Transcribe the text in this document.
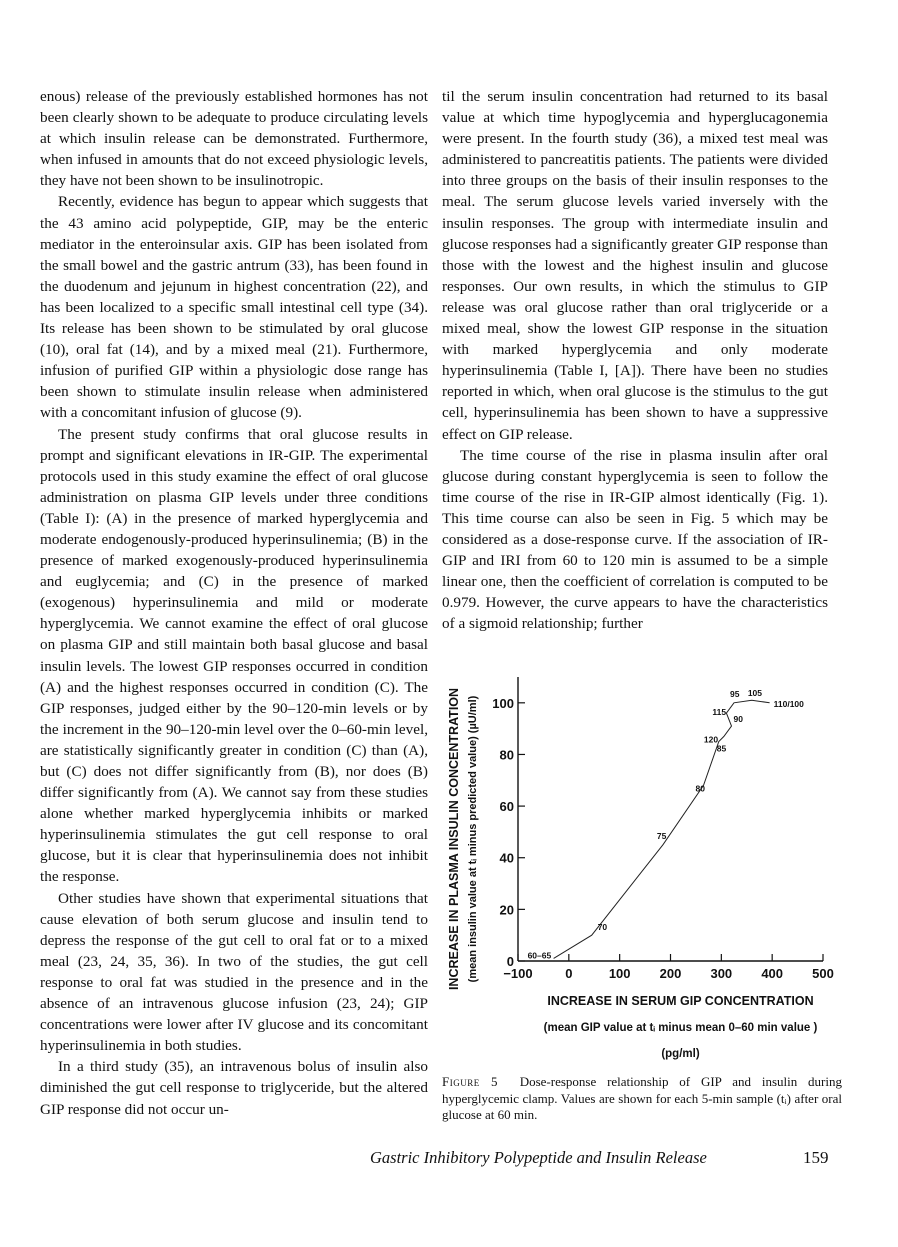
enous) release of the previously established hormones has not been clearly shown to be adequate to produce circulating levels at which insulin release can be demonstrated. Furthermore, when infused in amounts that do not exceed physiologic levels, they have not been shown to be insulinotropic.

Recently, evidence has begun to appear which suggests that the 43 amino acid polypeptide, GIP, may be the enteric mediator in the enteroinsular axis. GIP has been isolated from the small bowel and the gastric antrum (33), has been found in the duodenum and jejunum in highest concentration (22), and has been localized to a specific small intestinal cell type (34). Its release has been shown to be stimulated by oral glucose (10), oral fat (14), and by a mixed meal (21). Furthermore, infusion of purified GIP within a physiologic dose range has been shown to stimulate insulin release when administered with a concomitant infusion of glucose (9).

The present study confirms that oral glucose results in prompt and significant elevations in IR-GIP. The experimental protocols used in this study examine the effect of oral glucose administration on plasma GIP levels under three conditions (Table I): (A) in the presence of marked hyperglycemia and moderate endogenously-produced hyperinsulinemia; (B) in the presence of marked exogenously-produced hyperinsulinemia and euglycemia; and (C) in the presence of marked (exogenous) hyperinsulinemia and mild or moderate hyperglycemia. We cannot examine the effect of oral glucose on plasma GIP and still maintain both basal glucose and basal insulin levels. The lowest GIP responses occurred in condition (A) and the highest responses occurred in condition (C). The GIP responses, judged either by the 90–120-min levels or by the increment in the 90–120-min level over the 0–60-min level, are statistically significantly greater in condition (C) than (A), but (C) does not differ significantly from (B), nor does (B) differ significantly from (A). We cannot say from these studies alone whether marked hyperglycemia inhibits or marked hyperinsulinemia stimulates the gut cell response to oral glucose, but it is clear that hyperinsulinemia does not inhibit the response.

Other studies have shown that experimental situations that cause elevation of both serum glucose and insulin tend to depress the response of the gut cell to oral fat or to a mixed meal (23, 24, 35, 36). In two of the studies, the gut cell response to oral fat was studied in the presence and in the absence of an intravenous glucose infusion (23, 24); GIP concentrations were lower after IV glucose and its concomitant hyperinsulinemia in both studies.

In a third study (35), an intravenous bolus of insulin also diminished the gut cell response to triglyceride, but the altered GIP response did not occur un-

til the serum insulin concentration had returned to its basal value at which time hypoglycemia and hyperglucagonemia were present. In the fourth study (36), a mixed test meal was administered to pancreatitis patients. The patients were divided into three groups on the basis of their insulin responses to the meal. The serum glucose levels varied inversely with the insulin responses. The group with intermediate insulin and glucose responses had a significantly greater GIP response than those with the lowest and the highest insulin and glucose responses. Our own results, in which the stimulus to GIP release was oral glucose rather than oral triglyceride or a mixed meal, show the lowest GIP response in the situation with marked hyperglycemia and only moderate hyperinsulinemia (Table I, [A]). There have been no studies reported in which, when oral glucose is the stimulus to the gut cell, hyperinsulinemia has been shown to have a suppressive effect on GIP release.

The time course of the rise in plasma insulin after oral glucose during constant hyperglycemia is seen to follow the time course of the rise in IR-GIP almost identically (Fig. 1). This time course can also be seen in Fig. 5 which may be considered as a dose-response curve. If the association of IR-GIP and IRI from 60 to 120 min is assumed to be a simple linear one, then the coefficient of correlation is computed to be 0.979. However, the curve appears to have the characteristics of a sigmoid relationship; further

0
20
40
60
80
100
−100	0	100 200 300 400 500
60–65
70
75
80
90
85
120
115
95 105
110/100
INCREASE IN PLASMA INSULIN CONCENTRATION (mean insulin value at tᵢ minus predicted value) (µU/ml)
INCREASE IN SERUM GIP CONCENTRATION
(mean GIP value at tᵢ minus mean 0–60 min value )
(pg/ml)
Figure 5 Dose-response relationship of GIP and insulin during hyperglycemic clamp. Values are shown for each 5-min sample (tᵢ) after oral glucose at 60 min.
Gastric Inhibitory Polypeptide and Insulin Release	159
